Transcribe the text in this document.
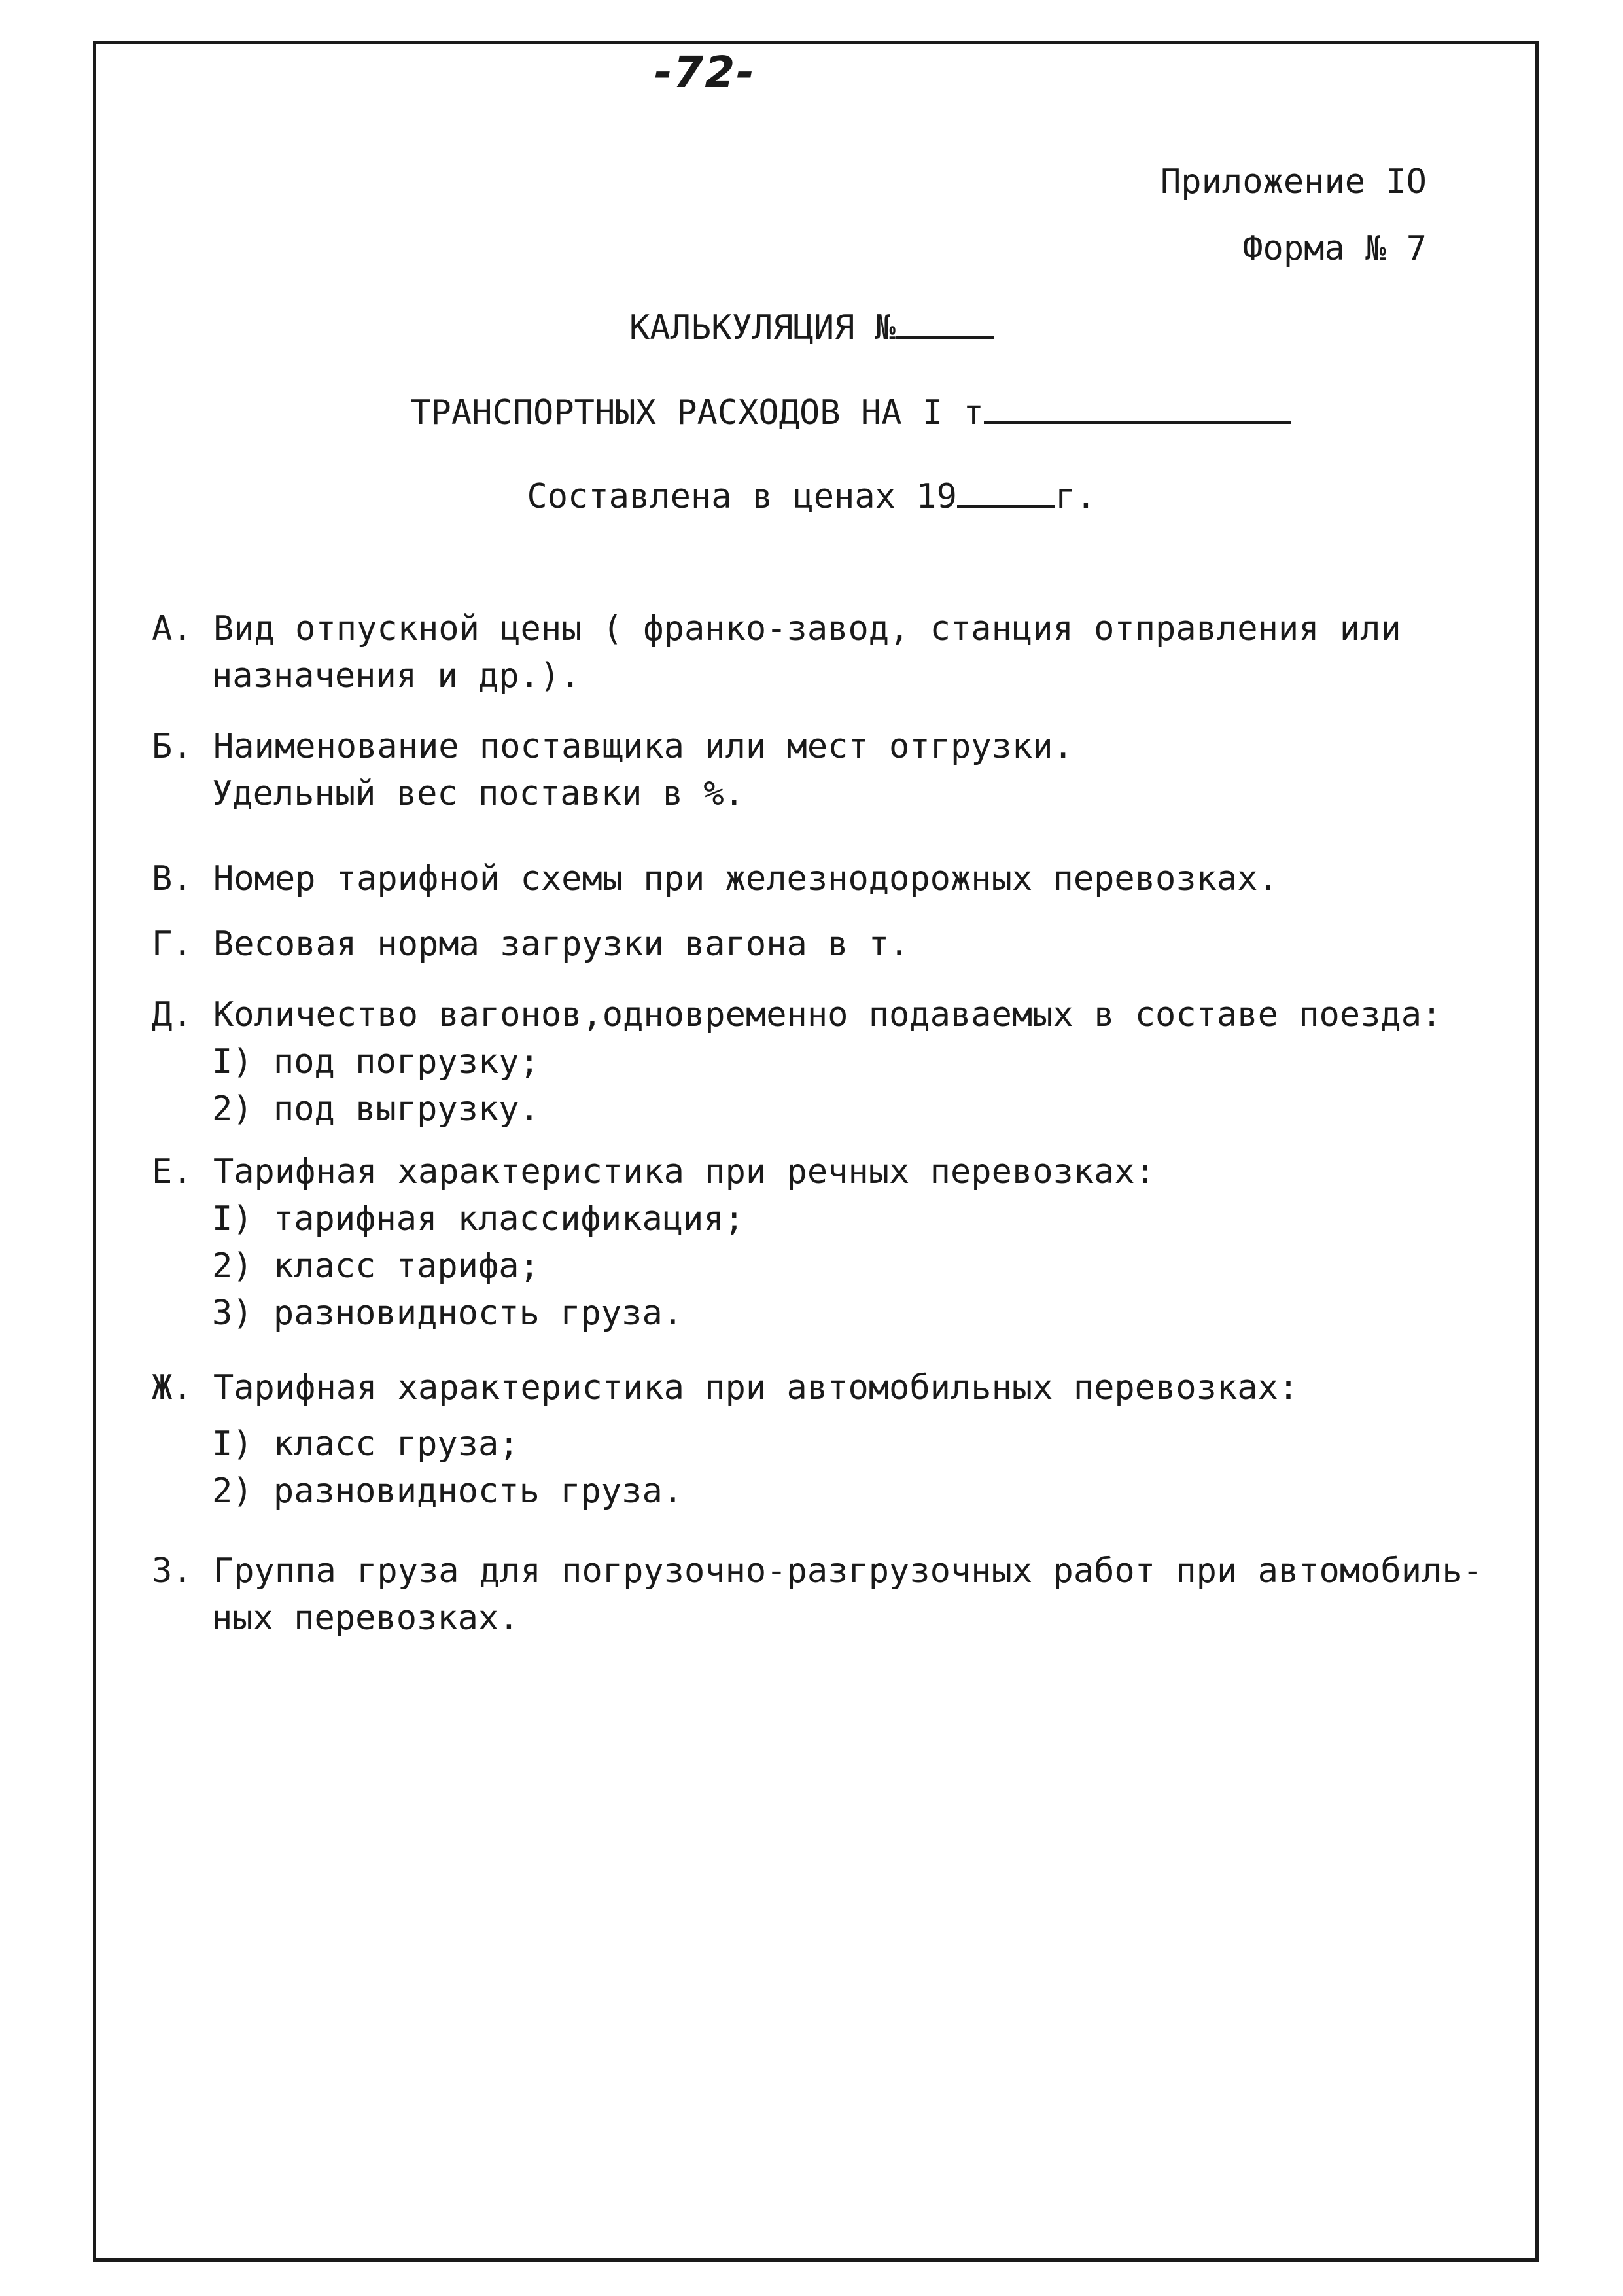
-72-
Приложение IO
Форма № 7
КАЛЬКУЛЯЦИЯ №
ТРАНСПОРТНЫХ РАСХОДОВ НА I т
Составлена в ценах 19	г.
А. Вид отпускной цены ( франко-завод, станция отправления или
назначения и др.).
Б. Наименование поставщика или мест отгрузки.
Удельный вес поставки в %.
В. Номер тарифной схемы при железнодорожных перевозках.
Г. Весовая норма загрузки вагона в т.
Д. Количество вагонов,одновременно подаваемых в составе поезда:
I) под погрузку;
2) под выгрузку.
Е. Тарифная характеристика при речных перевозках:
I) тарифная классификация;
2) класс тарифа;
3) разновидность груза.
Ж. Тарифная характеристика при автомобильных перевозках:
I) класс груза;
2) разновидность груза.
З. Группа груза для погрузочно-разгрузочных работ при автомобиль-
ных перевозках.
